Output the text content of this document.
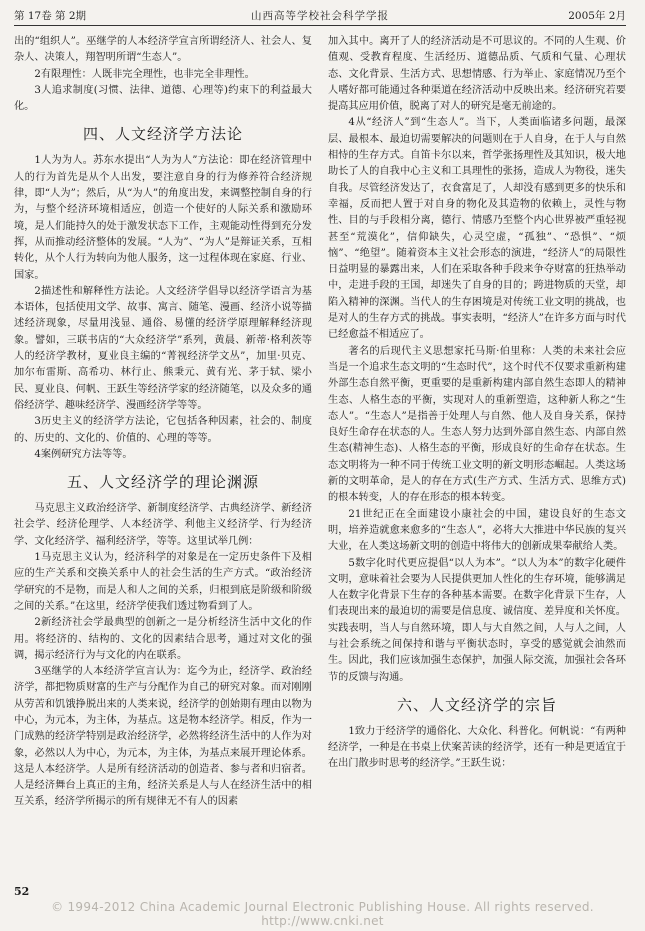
第 17卷 第 2期	山西高等学校社会科学学报	2005年 2月

出的“组织人”。巫继学的人本经济学宣言所谓经济人、社会人、复杂人、决策人，翔智明所谓“生态人”。

2有限理性：人既非完全理性，也非完全非理性。

3人追求制度(习惯、法律、道德、心理等)约束下的利益最大化。

四、人文经济学方法论

1人为为人。苏东水提出“人为为人”方法论：即在经济管理中人的行为首先是从个人出发，要注意自身的行为修养符合经济规律，即“人为”；然后，从“为人”的角度出发，来调整控制自身的行为，与整个经济环境相适应，创造一个使好的人际关系和激励环境，是人们能持久的处于激发状态下工作，主观能动性得到充分发挥，从而推动经济整体的发展。“人为”、“为人”是辩证关系，互相转化，从个人行为转向为他人服务，这一过程体现在家庭、行业、国家。

2描述性和解释性方法论。人文经济学倡导以经济学语言为基本语体，包括使用文学、故事、寓言、随笔、漫画、经济小说等描述经济现象，尽量用浅显、通俗、易懂的经济学原理解释经济现象。譬如，三联书店的“大众经济学”系列，黄晨、新蒂·格利茨等人的经济学教材，夏业良主编的“菁视经济学文丛”，加里·贝克、加尔布雷斯、高希功、林行止、熊秉元、黄有光、茅于轼、梁小民、夏业良、何帆、王跃生等经济学家的经济随笔，以及众多的通俗经济学、趣味经济学、漫画经济学等等。

3历史主义的经济学方法论，它包括各种因素，社会的、制度的、历史的、文化的、价值的、心理的等等。

4案例研究方法等等。

五、人文经济学的理论渊源

马克思主义政治经济学、新制度经济学、古典经济学、新经济社会学、经济伦理学、人本经济学、利他主义经济学、行为经济学、文化经济学、福利经济学，等等。这里试举几例：

1马克思主义认为，经济科学的对象是在一定历史条件下及相应的生产关系和交换关系中人的社会生活的生产方式。“政治经济学研究的不是物，而是人和人之间的关系，归根到底是阶级和阶级之间的关系。”在这里，经济学使我们透过物看到了人。

2新经济社会学最典型的创新之一是分析经济生活中文化的作用。将经济的、结构的、文化的因素结合思考，通过对文化的强调，揭示经济行为与文化的内在联系。

3巫继学的人本经济学宣言认为：迄今为止，经济学、政治经济学，都把物质财富的生产与分配作为自己的研究对象。而对刚刚从劳苦和饥饿挣脱出来的人类来说，经济学的创始期有理由以物为中心，为元本，为主体，为基点。这是物本经济学。相反，作为一门成熟的经济学特别是政治经济学，必然将经济生活中的人作为对象，必然以人为中心，为元本，为主体，为基点来展开理论体系。这是人本经济学。人是所有经济活动的创造者、参与者和归宿者。人是经济舞台上真正的主角，经济关系是人与人在经济生活中的相互关系，经济学所揭示的所有规律无不有人的因素

加入其中。离开了人的经济活动是不可思议的。不同的人生观、价值观、受教育程度、生活经历、道德品质、气质和气量、心理状态、文化背景、生活方式、思想情感、行为举止、家庭情况乃至个人嗜好都可能通过各种渠道在经济活动中反映出来。经济研究若要提高其应用价值，脱离了对人的研究是毫无前途的。

4从“经济人”到“生态人”。当下，人类面临诸多问题，最深层、最根本、最迫切需要解决的问题则在于人自身，在于人与自然相恃的生存方式。自笛卡尔以来，哲学张扬理性及其知识，极大地助长了人的自我中心主义和工具理性的张扬，造成人为物役，迷失自我。尽管经济发达了，衣食富足了，人却没有感到更多的快乐和幸福，反而把人置于对自身的物化及其造物的依赖上，灵性与物性、目的与手段相分离，德行、情感乃至整个内心世界被严重轻视甚至“荒漠化”，信仰缺失，心灵空虚，“孤独”、“恐惧”、“烦恼”、“绝望”。随着资本主义社会形态的演进，“经济人”的局限性日益明显的暴露出来，人们在采取各种手段来争夺财富的狂热举动中，走进手段的王国，却迷失了自身的目的；跨进物质的天堂，却陷入精神的深渊。当代人的生存困境是对传统工业文明的挑战，也是对人的生存方式的挑战。事实表明，“经济人”在许多方面与时代已经愈益不相适应了。

著名的后现代主义思想家托马斯·伯里称：人类的未来社会应当是一个追求生态文明的“生态时代”，这个时代不仅要求重新构建外部生态自然平衡，更重要的是重新构建内部自然生态即人的精神生态、人格生态的平衡，实现对人的重新塑造，这种新人称之“生态人”。“生态人”是指善于处理人与自然、他人及自身关系，保持良好生命存在状态的人。生态人努力达到外部自然生态、内部自然生态(精神生态)、人格生态的平衡，形成良好的生命存在状态。生态文明将为一种不同于传统工业文明的新文明形态崛起。人类这场新的文明革命，是人的存在方式(生产方式、生活方式、思维方式)的根本转变，人的存在形态的根本转变。

21世纪正在全面建设小康社会的中国，建设良好的生态文明，培养造就愈来愈多的“生态人”，必将大大推进中华民族的复兴大业，在人类这场新文明的创造中将伟大的创新成果奉献给人类。

5数字化时代更应提倡“以人为本”。“以人为本”的数字化硬件文明，意味着社会要为人民提供更加人性化的生存环境，能够满足人在数字化背景下生存的各种基本需要。在数字化背景下生存，人们表现出来的最迫切的需要是信息度、诚信度、差异度和关怀度。实践表明，当人与自然环境，即人与大自然之间，人与人之间，人与社会系统之间保持和谐与平衡状态时，享受的感觉就会油然而生。因此，我们应该加强生态保护，加强人际交流，加强社会各环节的反馈与沟通。

六、人文经济学的宗旨

1致力于经济学的通俗化、大众化、科普化。何帆说：“有两种经济学，一种是在书桌上伏案苦读的经济学，还有一种是更适宜于在出门散步时思考的经济学。”王跃生说：

52
© 1994-2012 China Academic Journal Electronic Publishing House. All rights reserved. http://www.cnki.net
